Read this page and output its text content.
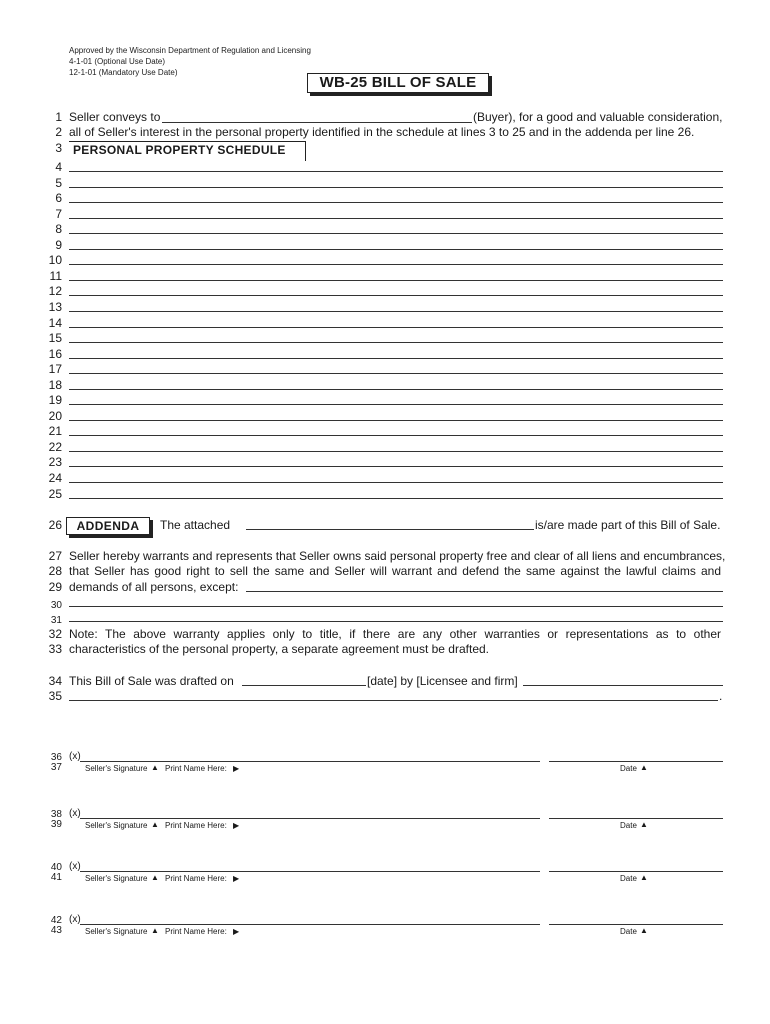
Approved by the Wisconsin Department of Regulation and Licensing
4-1-01 (Optional Use Date)
12-1-01 (Mandatory Use Date)
WB-25 BILL OF SALE
1 Seller conveys to	(Buyer), for a good and valuable consideration,
2 all of Seller's interest in the personal property identified in the schedule at lines 3 to 25 and in the addenda per line 26.
3 PERSONAL PROPERTY SCHEDULE
4
5
6
7
8
9
10
11
12
13
14
15
16
17
18
19
20
21
22
23
24
25
26	ADDENDA	The attached	is/are made part of this Bill of Sale.
27 Seller hereby warrants and represents that Seller owns said personal property free and clear of all liens and encumbrances,
28 that Seller has good right to sell the same and Seller will warrant and defend the same against the lawful claims and
29 demands of all persons, except:
30
31
32 Note: The above warranty applies only to title, if there are any other warranties or representations as to other
33 characteristics of the personal property, a separate agreement must be drafted.
34 This Bill of Sale was drafted on	[date] by [Licensee and firm]
35	.
36
37
(x)
Seller's Signature ▲ Print Name Here: ▶	Date ▲
38
39
(x)
Seller's Signature ▲ Print Name Here: ▶	Date ▲
40
41
(x)
Seller's Signature ▲ Print Name Here: ▶	Date ▲
42
43
(x)
Seller's Signature ▲ Print Name Here: ▶	Date ▲
